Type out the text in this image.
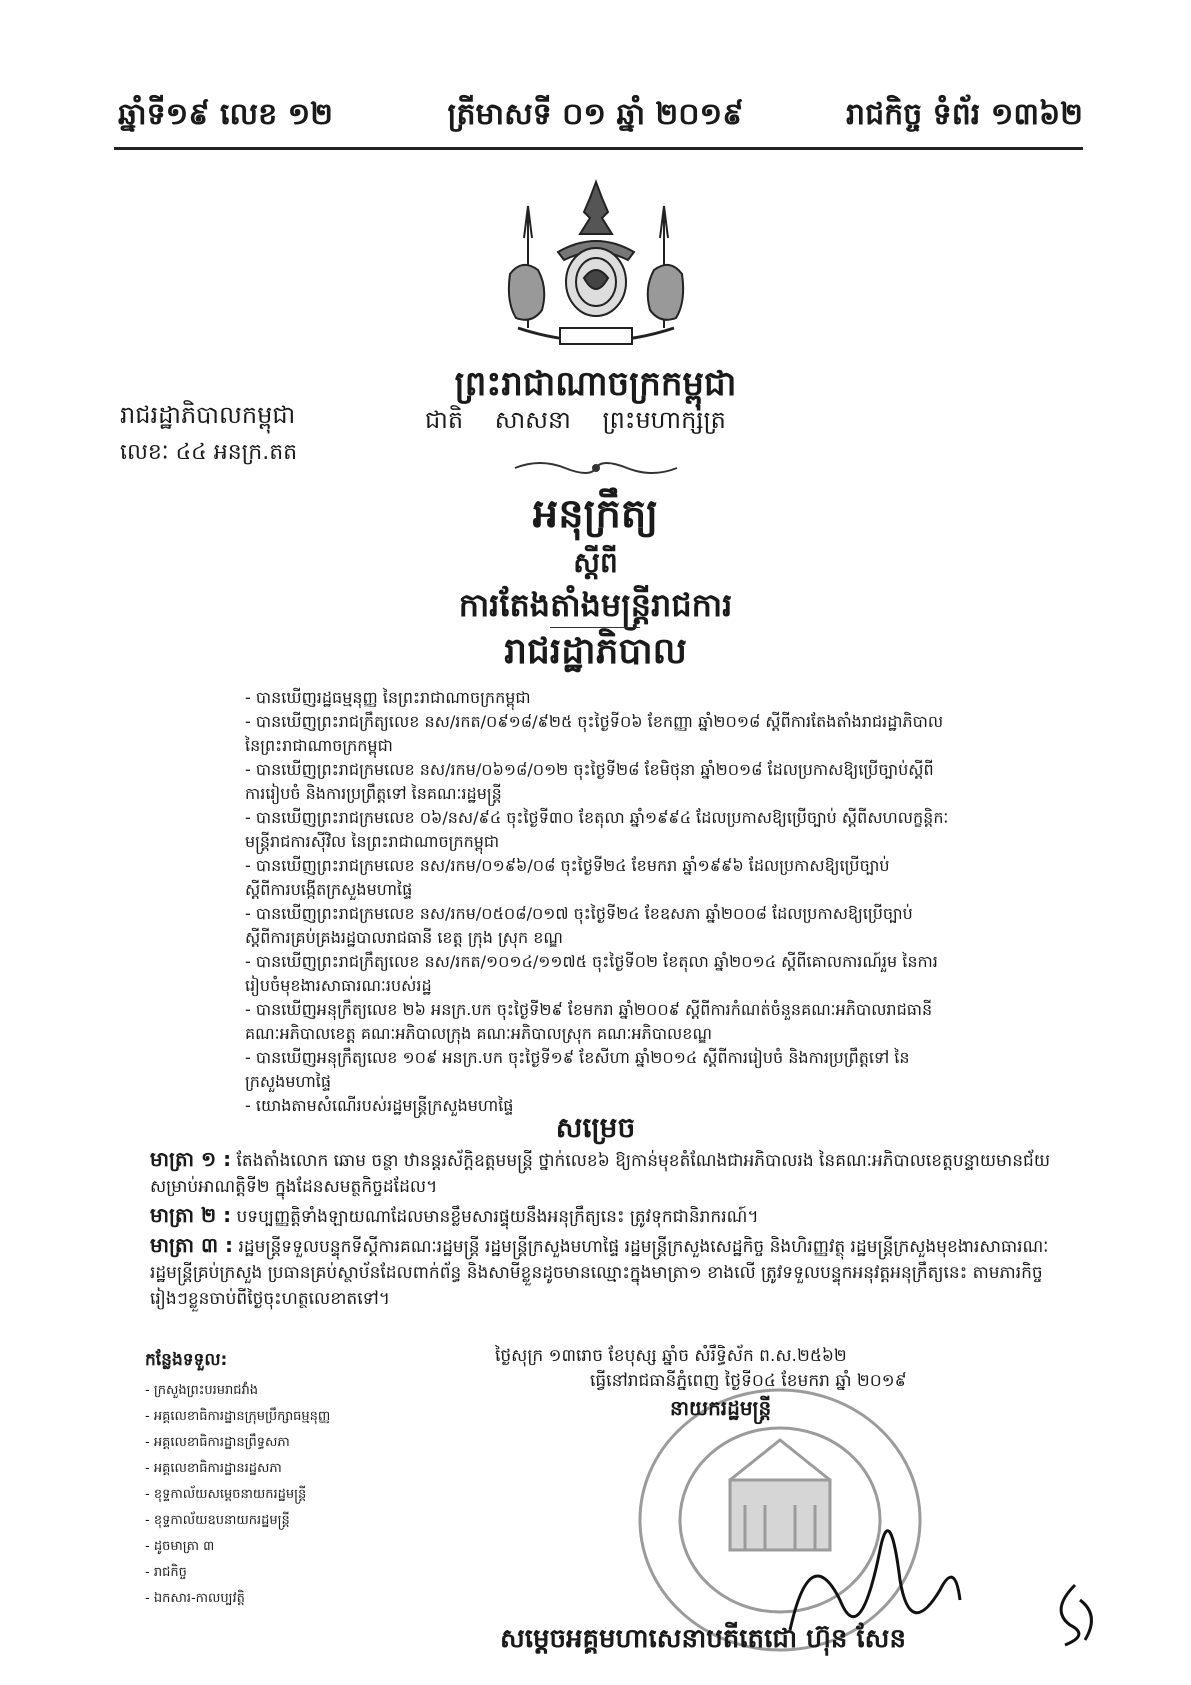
ឆ្នាំទី១៩ លេខ ១២	ត្រីមាសទី ០១ ឆ្នាំ ២០១៩	រាជកិច្ច ទំព័រ ១៣៦២
ព្រះរាជាណាចក្រកម្ពុជា
រាជរដ្ឋាភិបាលកម្ពុជា	ជាតិ សាសនា ព្រះមហាក្សត្រ
លេខៈ ៤៤ អនក្រ.តត
អនុក្រឹត្យ
ស្ដីពី
ការតែងតាំងមន្ត្រីរាជការ
រាជរដ្ឋាភិបាល
- បានឃើញរដ្ឋធម្មនុញ្ញ នៃព្រះរាជាណាចក្រកម្ពុជា
- បានឃើញព្រះរាជក្រឹត្យលេខ នស/រកត/០៩១៨/៩២៥ ចុះថ្ងៃទី០៦ ខែកញ្ញា ឆ្នាំ២០១៨ ស្ដីពីការតែងតាំងរាជរដ្ឋាភិបាល
នៃព្រះរាជាណាចក្រកម្ពុជា
- បានឃើញព្រះរាជក្រមលេខ នស/រកម/០៦១៨/០១២ ចុះថ្ងៃទី២៨ ខែមិថុនា ឆ្នាំ២០១៨ ដែលប្រកាសឱ្យប្រើច្បាប់ស្ដីពី
ការរៀបចំ និងការប្រព្រឹត្តទៅ នៃគណៈរដ្ឋមន្ត្រី
- បានឃើញព្រះរាជក្រមលេខ ០៦/នស/៩៤ ចុះថ្ងៃទី៣០ ខែតុលា ឆ្នាំ១៩៩៤ ដែលប្រកាសឱ្យប្រើច្បាប់ ស្ដីពីសហលក្ខន្តិកៈ
មន្ត្រីរាជការស៊ីវិល នៃព្រះរាជាណាចក្រកម្ពុជា
- បានឃើញព្រះរាជក្រមលេខ នស/រកម/០១៩៦/០៨ ចុះថ្ងៃទី២៤ ខែមករា ឆ្នាំ១៩៩៦ ដែលប្រកាសឱ្យប្រើច្បាប់
ស្ដីពីការបង្កើតក្រសួងមហាផ្ទៃ
- បានឃើញព្រះរាជក្រមលេខ នស/រកម/០៥០៨/០១៧ ចុះថ្ងៃទី២៤ ខែឧសភា ឆ្នាំ២០០៨ ដែលប្រកាសឱ្យប្រើច្បាប់
ស្ដីពីការគ្រប់គ្រងរដ្ឋបាលរាជធានី ខេត្ត ក្រុង ស្រុក ខណ្ឌ
- បានឃើញព្រះរាជក្រឹត្យលេខ នស/រកត/១០១៤/១១៧៥ ចុះថ្ងៃទី០២ ខែតុលា ឆ្នាំ២០១៤ ស្ដីពីគោលការណ៍រួម នៃការ
រៀបចំមុខងារសាធារណៈរបស់រដ្ឋ
- បានឃើញអនុក្រឹត្យលេខ ២៦ អនក្រ.បក ចុះថ្ងៃទី២៩ ខែមករា ឆ្នាំ២០០៩ ស្ដីពីការកំណត់ចំនួនគណៈអភិបាលរាជធានី
គណៈអភិបាលខេត្ត គណៈអភិបាលក្រុង គណៈអភិបាលស្រុក គណៈអភិបាលខណ្ឌ
- បានឃើញអនុក្រឹត្យលេខ ១០៩ អនក្រ.បក ចុះថ្ងៃទី១៩ ខែសីហា ឆ្នាំ២០១៤ ស្ដីពីការរៀបចំ និងការប្រព្រឹត្តទៅ នៃ
ក្រសួងមហាផ្ទៃ
- យោងតាមសំណើរបស់រដ្ឋមន្ត្រីក្រសួងមហាផ្ទៃ
សម្រេច
មាត្រា ១ : តែងតាំងលោក ឆោម ចន្ថា ឋានន្តរស័ក្តិឧត្តមមន្ត្រី ថ្នាក់លេខ៦ ឱ្យកាន់មុខតំណែងជាអភិបាលរង នៃគណៈអភិបាលខេត្តបន្ទាយមានជ័យ សម្រាប់អាណត្តិទី២ ក្នុងដែនសមត្ថកិច្ចដដែល។
មាត្រា ២ : បទប្បញ្ញត្តិទាំងឡាយណាដែលមានខ្លឹមសារផ្ទុយនឹងអនុក្រឹត្យនេះ ត្រូវទុកជានិរាករណ៍។
មាត្រា ៣ : រដ្ឋមន្ត្រីទទួលបន្ទុកទីស្ដីការគណៈរដ្ឋមន្ត្រី រដ្ឋមន្ត្រីក្រសួងមហាផ្ទៃ រដ្ឋមន្ត្រីក្រសួងសេដ្ឋកិច្ច និងហិរញ្ញវត្ថុ រដ្ឋមន្ត្រីក្រសួងមុខងារសាធារណៈ រដ្ឋមន្ត្រីគ្រប់ក្រសួង ប្រធានគ្រប់ស្ថាប័នដែលពាក់ព័ន្ធ និងសាមីខ្លួនដូចមានឈ្មោះក្នុងមាត្រា១ ខាងលើ ត្រូវទទួលបន្ទុកអនុវត្តអនុក្រឹត្យនេះ តាមភារកិច្ចរៀងៗខ្លួនចាប់ពីថ្ងៃចុះហត្ថលេខាតទៅ។
កន្លែងទទួល:
- ក្រសួងព្រះបរមរាជវាំង
- អគ្គលេខាធិការដ្ឋានក្រុមប្រឹក្សាធម្មនុញ្ញ
- អគ្គលេខាធិការដ្ឋានព្រឹទ្ធសភា
- អគ្គលេខាធិការដ្ឋានរដ្ឋសភា
- ខុទ្ទកាល័យសម្ដេចនាយករដ្ឋមន្ត្រី
- ខុទ្ទកាល័យឧបនាយករដ្ឋមន្ត្រី
- ដូចមាត្រា ៣
- រាជកិច្ច
- ឯកសារ-កាលប្បវត្តិ
ថ្ងៃសុក្រ ១៣រោច ខែបុស្ស ឆ្នាំច សំរឹទ្ធិស័ក ព.ស.២៥៦២
ធ្វើនៅរាជធានីភ្នំពេញ ថ្ងៃទី០៤ ខែមករា ឆ្នាំ ២០១៩
នាយករដ្ឋមន្ត្រី
សម្ដេចអគ្គមហាសេនាបតីតេជោ ហ៊ុន សែន
